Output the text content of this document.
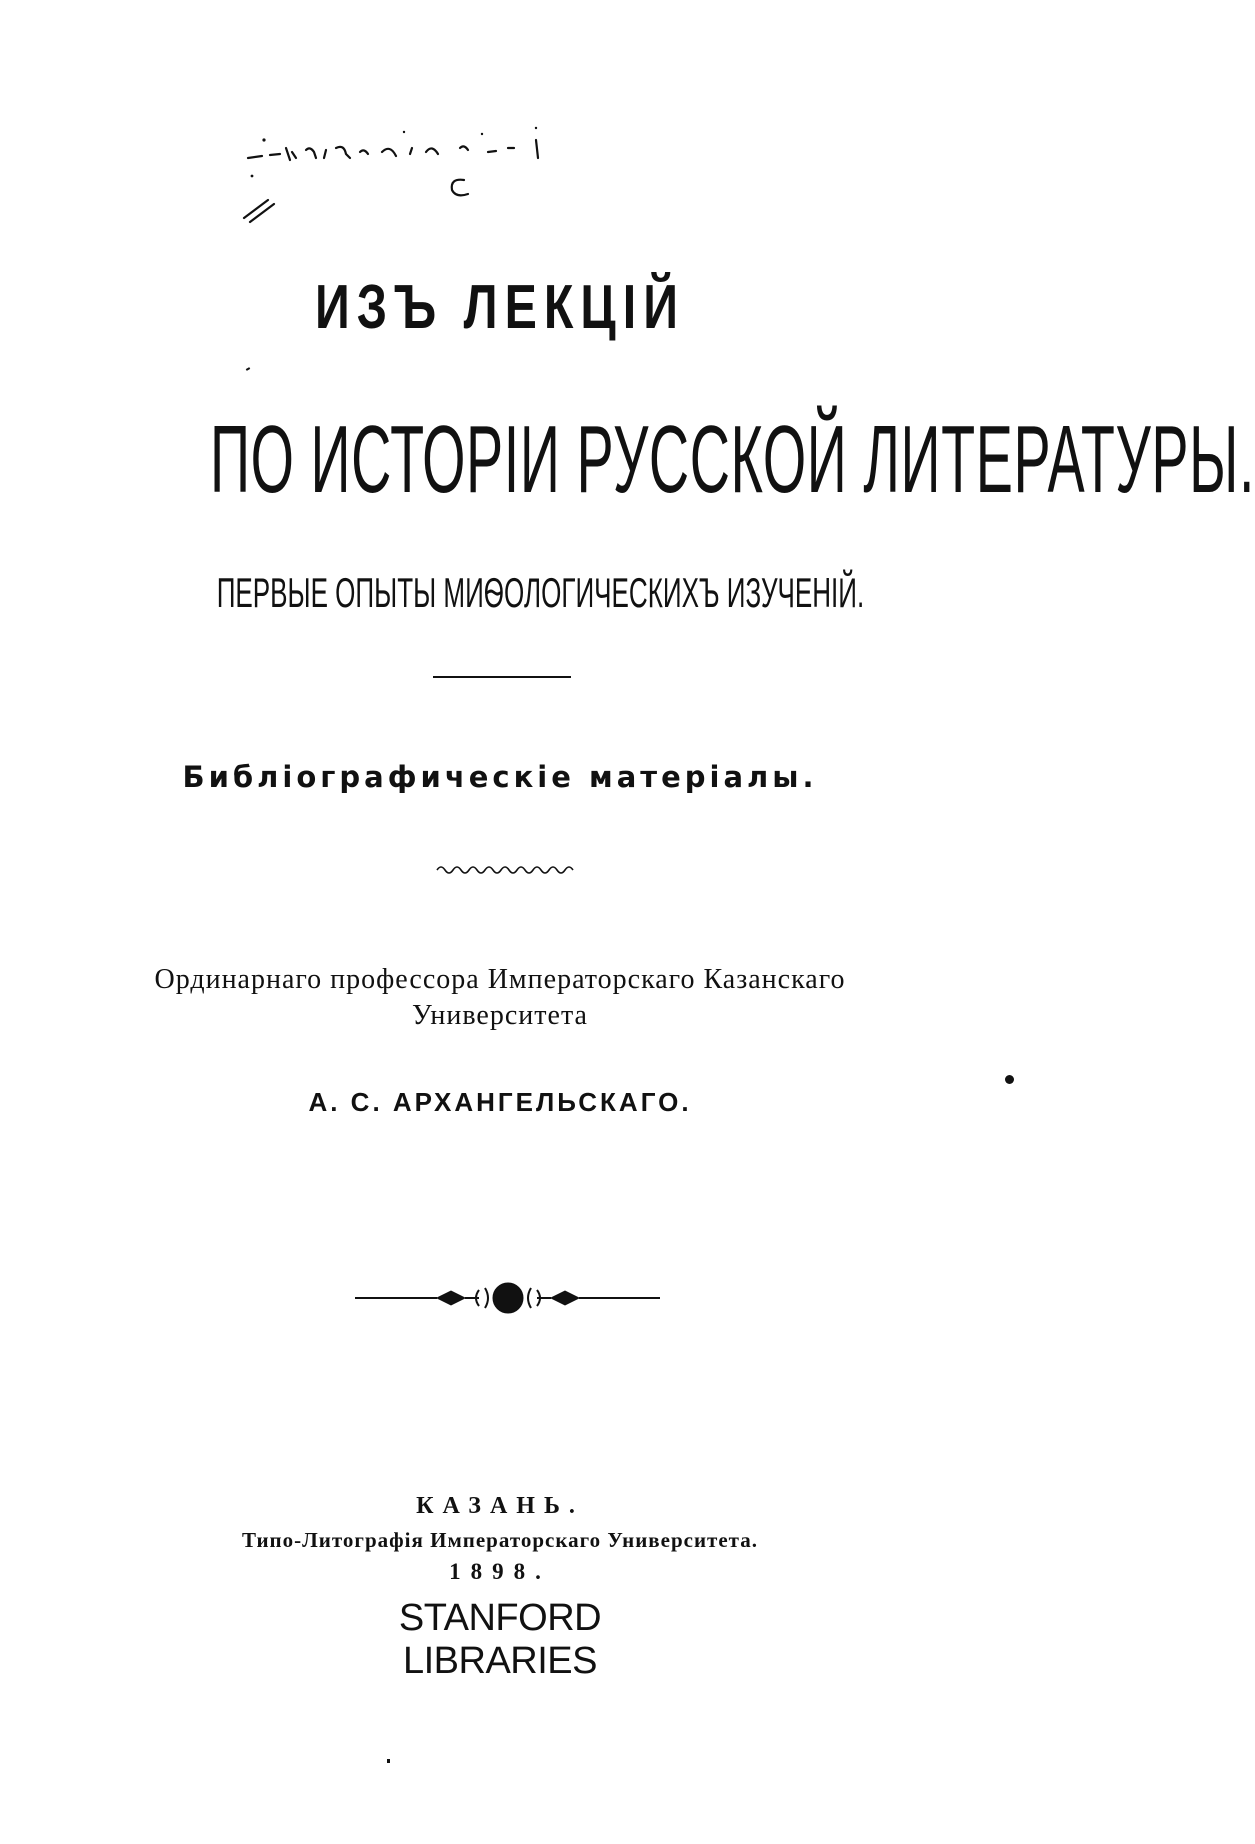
ИЗЪ ЛЕКЦІЙ
ПО ИСТОРІИ РУССКОЙ ЛИТЕРАТУРЫ.
ПЕРВЫЕ ОПЫТЫ МИѲОЛОГИЧЕСКИХЪ ИЗУЧЕНІЙ.
Библіографическіе матеріалы.
Ординарнаго профессора Императорскаго Казанскаго
Университета
А. С. АРХАНГЕЛЬСКАГО.
КАЗАНЬ.
Типо-Литографія Императорскаго Университета.
1898.
STANFORD
LIBRARIES
